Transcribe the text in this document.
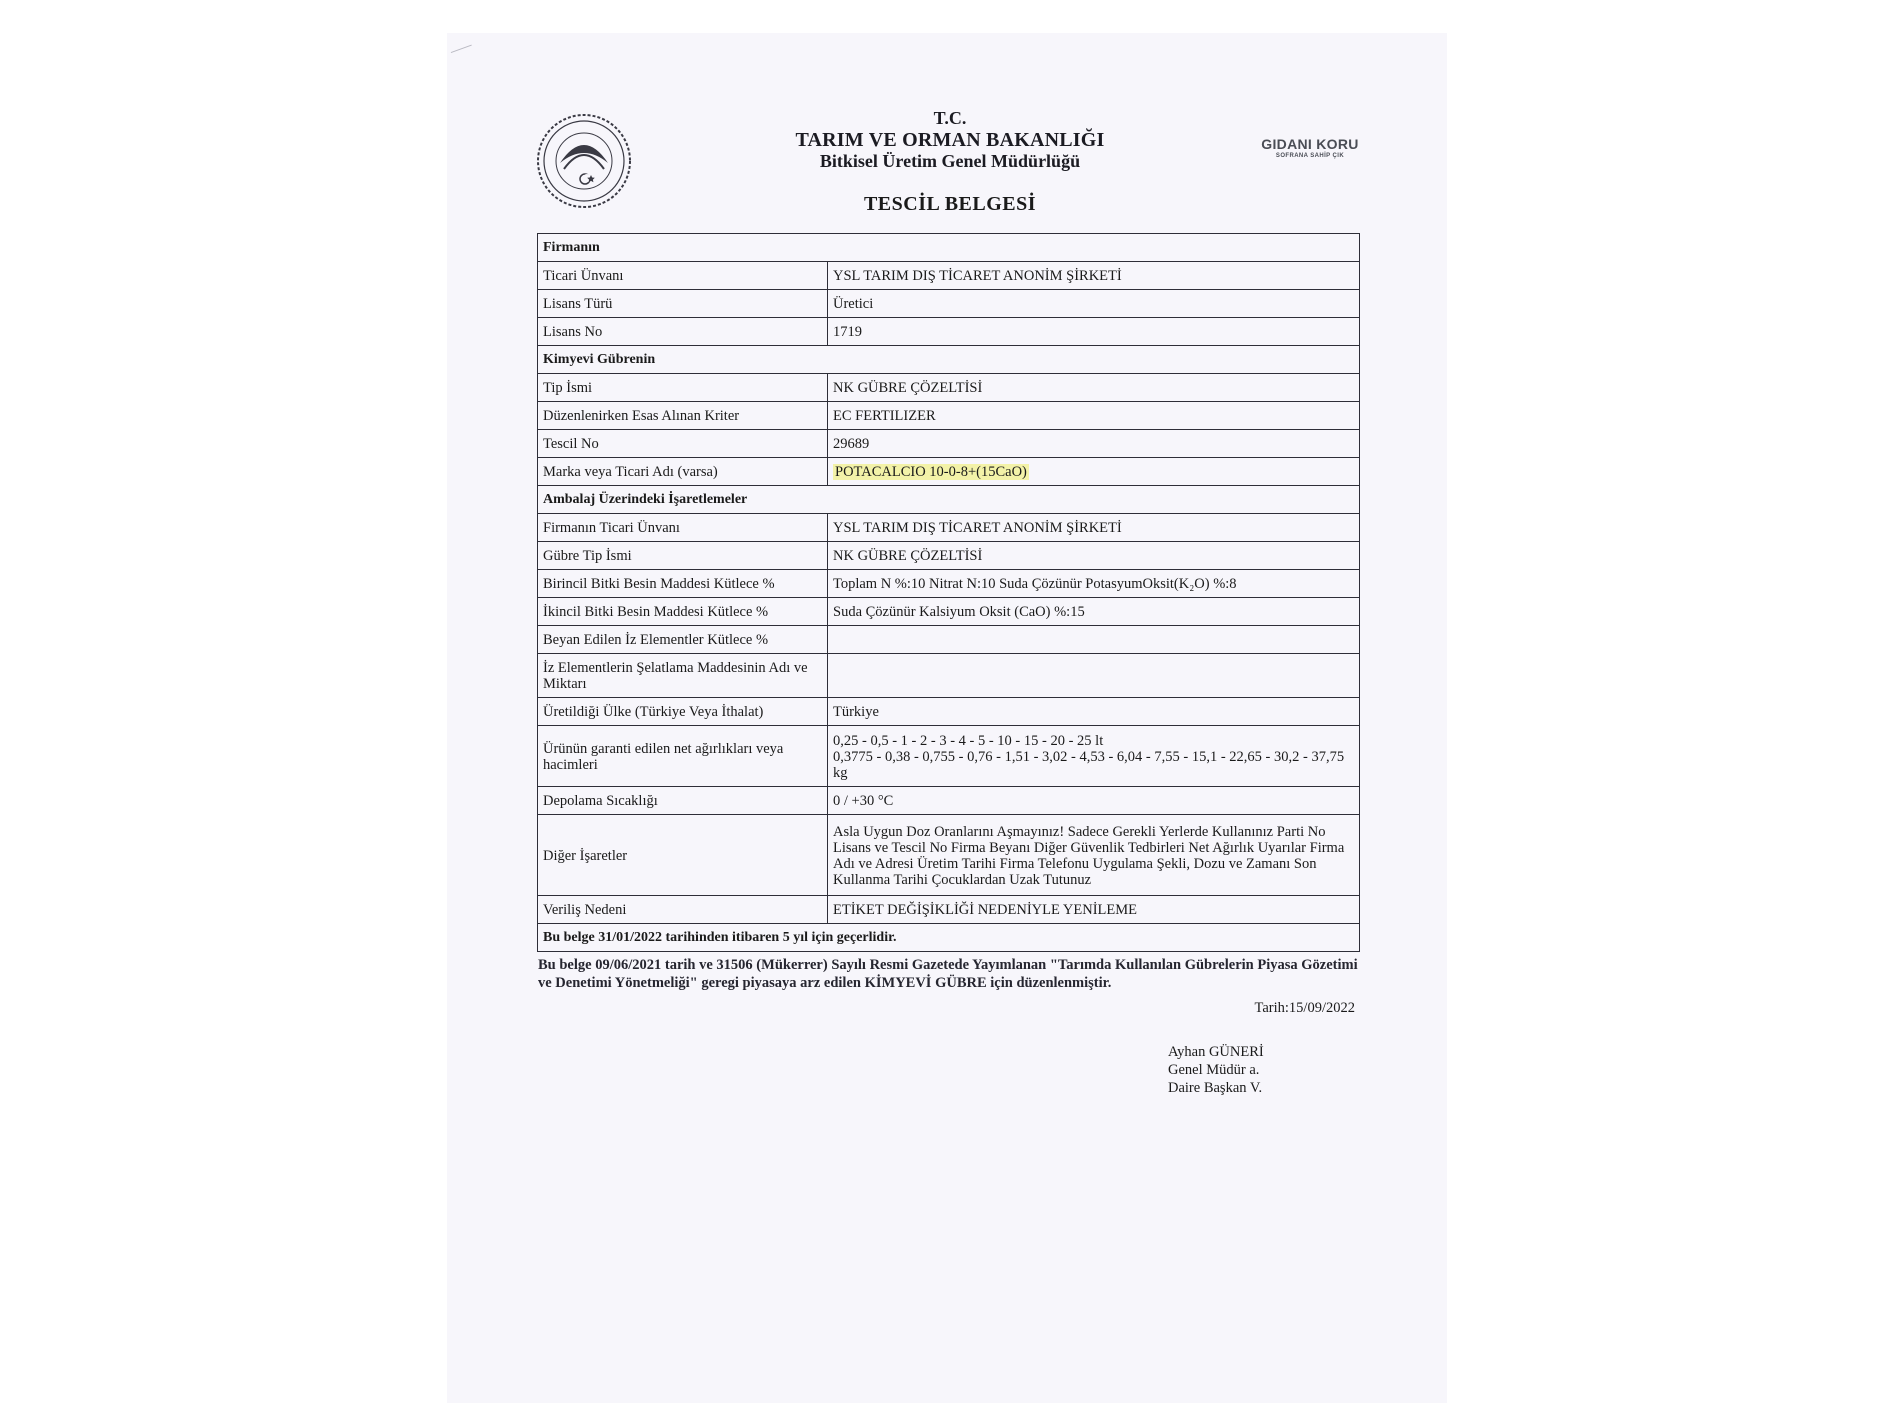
T.C.
TARIM VE ORMAN BAKANLIĞI
Bitkisel Üretim Genel Müdürlüğü
TESCİL BELGESİ
GIDANI KORU
SOFRANA SAHİP ÇIK
Firmanın	
Ticari Ünvanı	YSL TARIM DIŞ TİCARET ANONİM ŞİRKETİ
Lisans Türü	Üretici
Lisans No	1719
Kimyevi Gübrenin	
Tip İsmi	NK GÜBRE ÇÖZELTİSİ
Düzenlenirken Esas Alınan Kriter	EC FERTILIZER
Tescil No	29689
Marka veya Ticari Adı (varsa)	POTACALCIO 10-0-8+(15CaO)
Ambalaj Üzerindeki İşaretlemeler	
Firmanın Ticari Ünvanı	YSL TARIM DIŞ TİCARET ANONİM ŞİRKETİ
Gübre Tip İsmi	NK GÜBRE ÇÖZELTİSİ
Birincil Bitki Besin Maddesi Kütlece %	Toplam N %:10 Nitrat N:10 Suda Çözünür PotasyumOksit(K₂O) %:8
İkincil Bitki Besin Maddesi Kütlece %	Suda Çözünür Kalsiyum Oksit (CaO) %:15
Beyan Edilen İz Elementler Kütlece %	
İz Elementlerin Şelatlama Maddesinin Adı ve Miktarı	
Üretildiği Ülke (Türkiye Veya İthalat)	Türkiye
Ürünün garanti edilen net ağırlıkları veya hacimleri	0,25 - 0,5 - 1 - 2 - 3 - 4 - 5 - 10 - 15 - 20 - 25 lt
0,3775 - 0,38 - 0,755 - 0,76 - 1,51 - 3,02 - 4,53 - 6,04 - 7,55 - 15,1 - 22,65 - 30,2 - 37,75 kg
Depolama Sıcaklığı	0 / +30 °C
Diğer İşaretler	Asla Uygun Doz Oranlarını Aşmayınız! Sadece Gerekli Yerlerde Kullanınız Parti No Lisans ve Tescil No Firma Beyanı Diğer Güvenlik Tedbirleri Net Ağırlık Uyarılar Firma Adı ve Adresi Üretim Tarihi Firma Telefonu Uygulama Şekli, Dozu ve Zamanı Son Kullanma Tarihi Çocuklardan Uzak Tutunuz
Veriliş Nedeni	ETİKET DEĞİŞİKLİĞİ NEDENİYLE YENİLEME
Bu belge 31/01/2022 tarihinden itibaren 5 yıl için geçerlidir.	
Bu belge 09/06/2021 tarih ve 31506 (Mükerrer) Sayılı Resmi Gazetede Yayımlanan "Tarımda Kullanılan Gübrelerin Piyasa Gözetimi ve Denetimi Yönetmeliği" geregi piyasaya arz edilen KİMYEVİ GÜBRE için düzenlenmiştir.
Tarih:15/09/2022
Ayhan GÜNERİ
Genel Müdür a.
Daire Başkan V.
